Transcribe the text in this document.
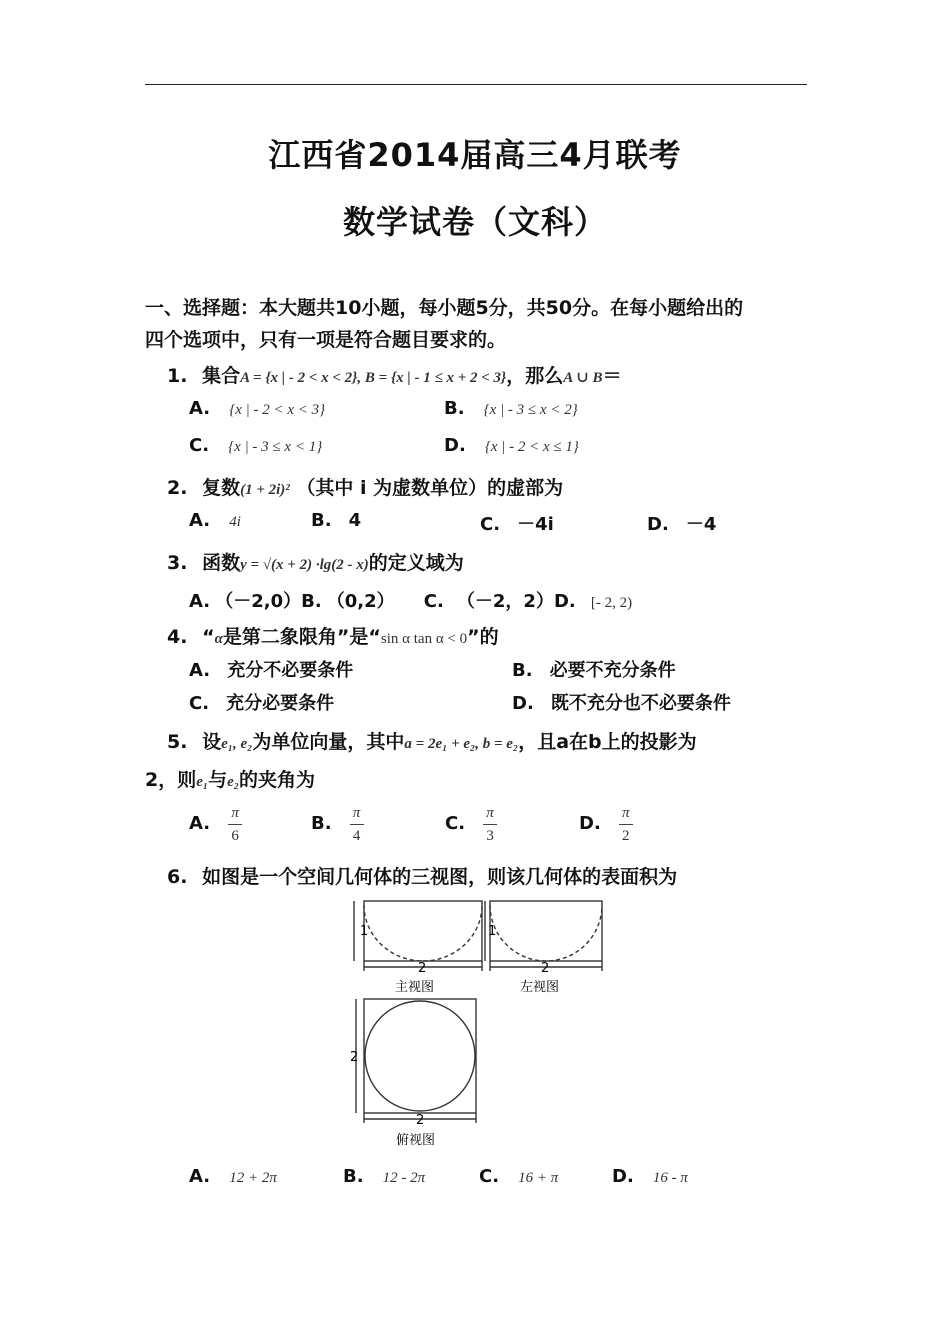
江西省2014届高三4月联考
数学试卷（文科）
一、选择题：本大题共10小题，每小题5分，共50分。在每小题给出的
四个选项中，只有一项是符合题目要求的。
1. 集合A = {x | - 2 < x < 2}, B = {x | - 1 ≤ x + 2 < 3}，那么A ∪ B＝
A. {x | - 2 < x < 3}	B. {x | - 3 ≤ x < 2}
C. {x | - 3 ≤ x < 1}	D. {x | - 2 < x ≤ 1}
2. 复数(1 + 2i)² （其中 i 为虚数单位）的虚部为
A. 4i	B. 4	C. －4i	D. －4
3. 函数y = √(x + 2) ·lg(2 - x)的定义域为
A. （－2,0）B. （0,2） C. （－2，2）D. [- 2, 2)
4. “α是第二象限角”是“sin α tan α < 0”的
A. 充分不必要条件	B. 必要不充分条件
C. 充分必要条件	D. 既不充分也不必要条件
5. 设e₁, e₂为单位向量，其中a = 2e₁ + e₂, b = e₂，且a在b上的投影为
2，则e₁与e₂的夹角为
A. $\frac{\pi}{6}$	B. $\frac{\pi}{4}$	C. $\frac{\pi}{3}$	D. $\frac{\pi}{2}$
6. 如图是一个空间几何体的三视图，则该几何体的表面积为
1
2
主视图
1
2
左视图
2
2
俯视图
A. 12 + 2π	B. 12 - 2π	C. 16 + π	D. 16 - π
